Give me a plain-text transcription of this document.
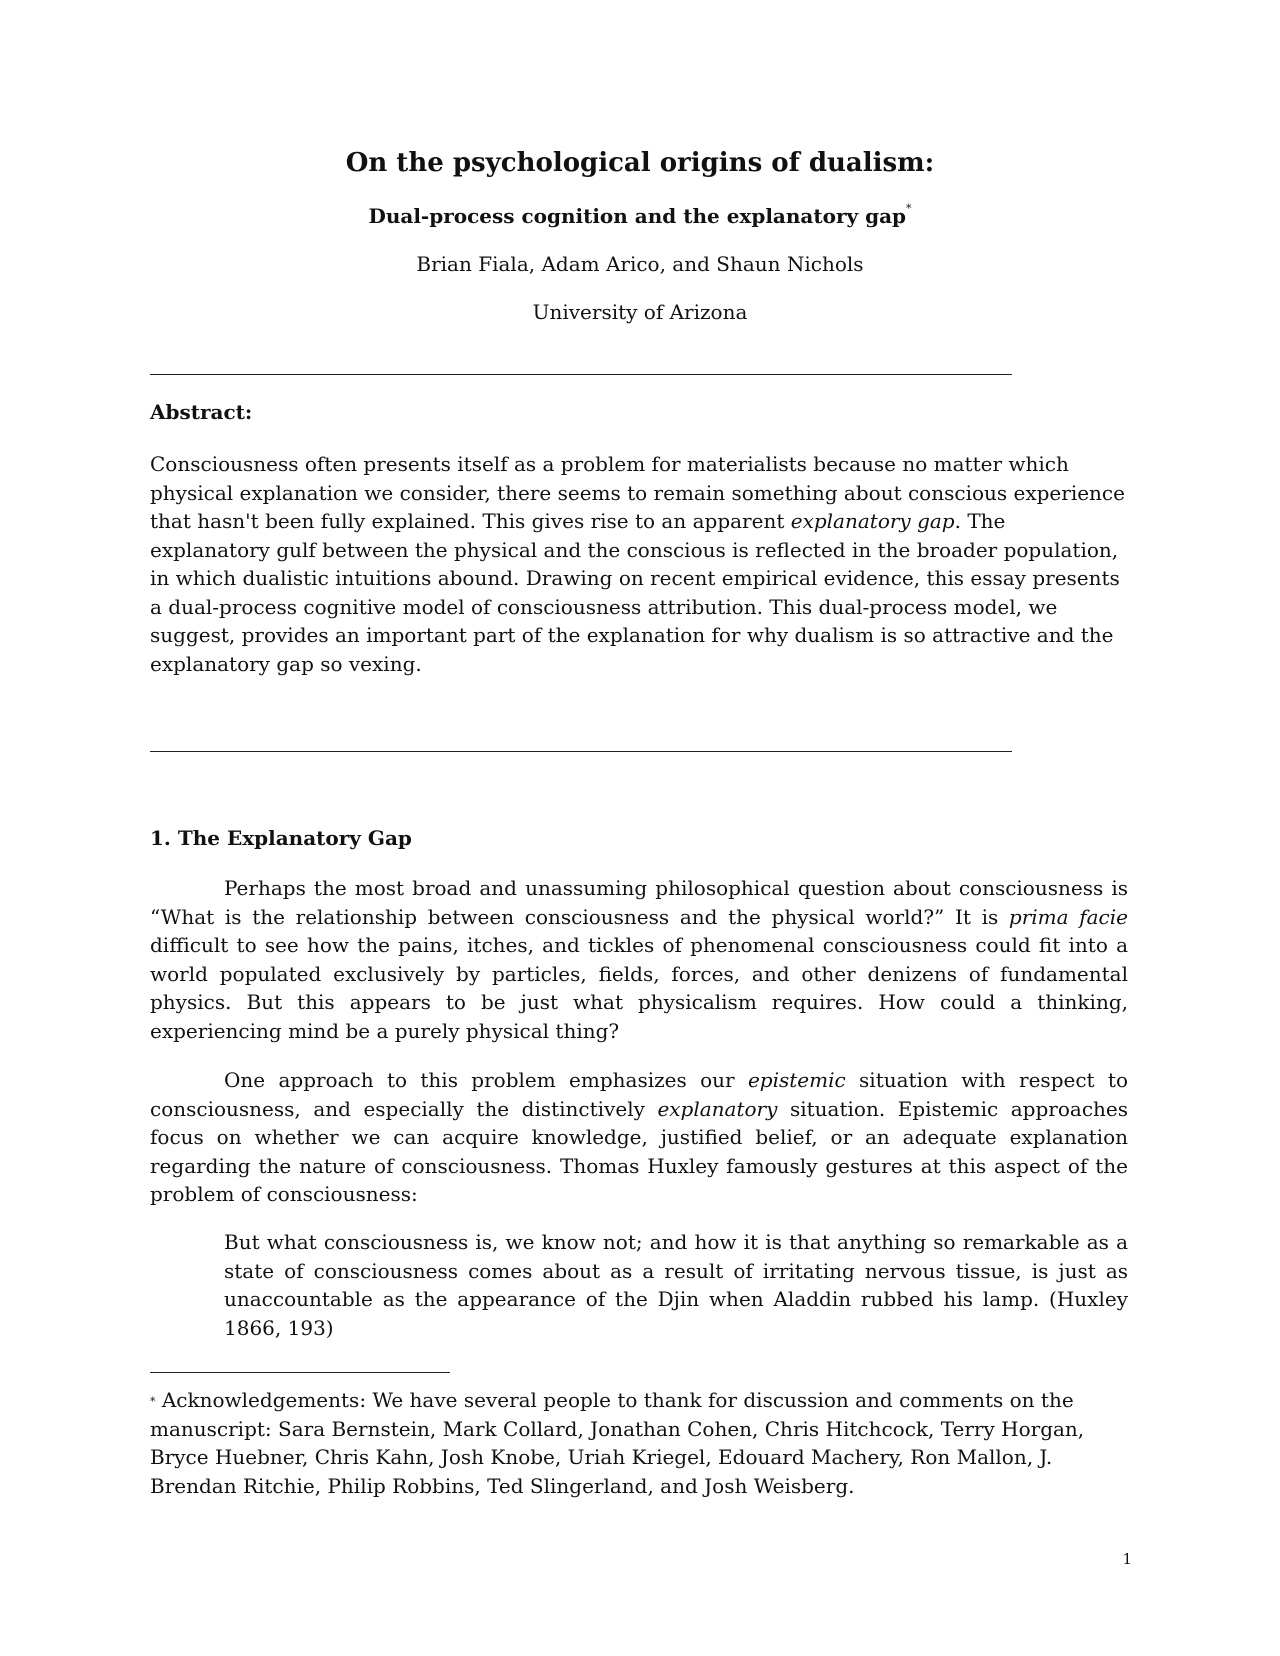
On the psychological origins of dualism:
Dual-process cognition and the explanatory gap*
Brian Fiala, Adam Arico, and Shaun Nichols
University of Arizona
Abstract:
Consciousness often presents itself as a problem for materialists because no matter which physical explanation we consider, there seems to remain something about conscious experience that hasn't been fully explained. This gives rise to an apparent explanatory gap. The explanatory gulf between the physical and the conscious is reflected in the broader population, in which dualistic intuitions abound. Drawing on recent empirical evidence, this essay presents a dual-process cognitive model of consciousness attribution. This dual-process model, we suggest, provides an important part of the explanation for why dualism is so attractive and the explanatory gap so vexing.
1. The Explanatory Gap
Perhaps the most broad and unassuming philosophical question about consciousness is “What is the relationship between consciousness and the physical world?” It is prima facie difficult to see how the pains, itches, and tickles of phenomenal consciousness could fit into a world populated exclusively by particles, fields, forces, and other denizens of fundamental physics. But this appears to be just what physicalism requires. How could a thinking, experiencing mind be a purely physical thing?
One approach to this problem emphasizes our epistemic situation with respect to consciousness, and especially the distinctively explanatory situation. Epistemic approaches focus on whether we can acquire knowledge, justified belief, or an adequate explanation regarding the nature of consciousness. Thomas Huxley famously gestures at this aspect of the problem of consciousness:
But what consciousness is, we know not; and how it is that anything so remarkable as a state of consciousness comes about as a result of irritating nervous tissue, is just as unaccountable as the appearance of the Djin when Aladdin rubbed his lamp. (Huxley 1866, 193)
* Acknowledgements: We have several people to thank for discussion and comments on the manuscript: Sara Bernstein, Mark Collard, Jonathan Cohen, Chris Hitchcock, Terry Horgan, Bryce Huebner, Chris Kahn, Josh Knobe, Uriah Kriegel, Edouard Machery, Ron Mallon, J. Brendan Ritchie, Philip Robbins, Ted Slingerland, and Josh Weisberg.
1
